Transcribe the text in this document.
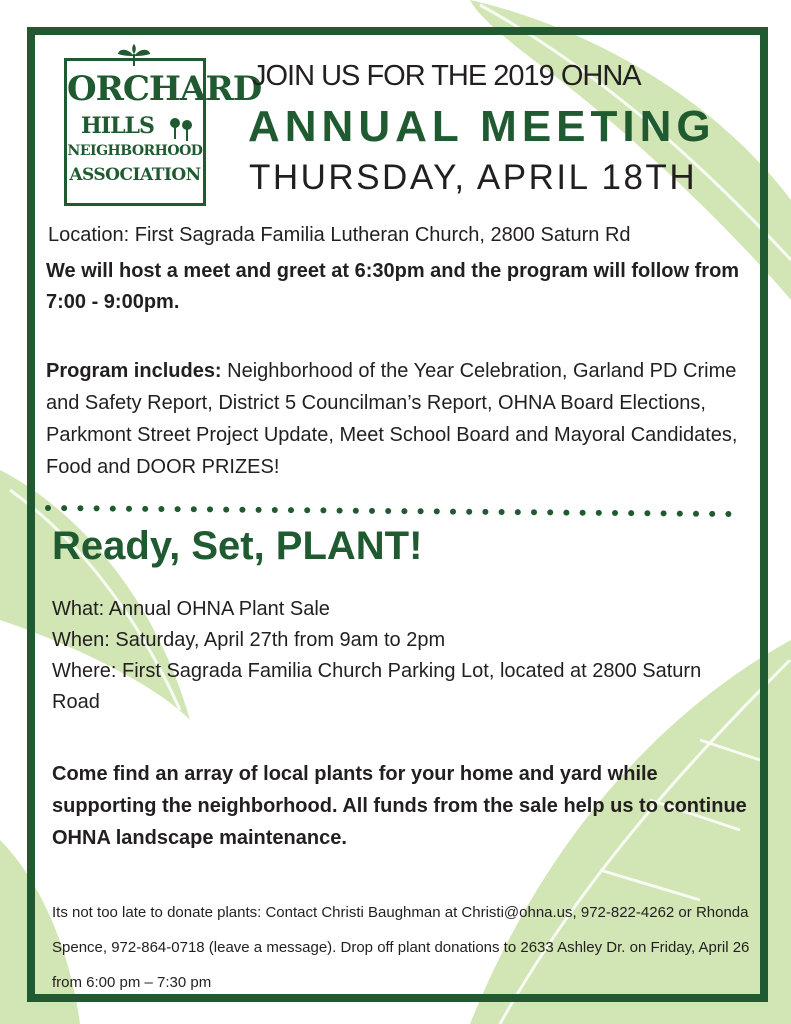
ORCHARD
HILLS
NEIGHBORHOOD
ASSOCIATION
JOIN US FOR THE 2019 OHNA
ANNUAL MEETING
THURSDAY, APRIL 18TH
Location: First Sagrada Familia Lutheran Church, 2800 Saturn Rd
We will host a meet and greet at 6:30pm and the program will follow from 7:00 - 9:00pm.
Program includes: Neighborhood of the Year Celebration, Garland PD Crime and Safety Report, District 5 Councilman’s Report, OHNA Board Elections, Parkmont Street Project Update, Meet School Board and Mayoral Candidates, Food and DOOR PRIZES!
Ready, Set, PLANT!
What: Annual OHNA Plant Sale
When: Saturday, April 27th from 9am to 2pm
Where: First Sagrada Familia Church Parking Lot, located at 2800 Saturn Road
Come find an array of local plants for your home and yard while supporting the neighborhood. All funds from the sale help us to continue OHNA landscape maintenance.
Its not too late to donate plants: Contact Christi Baughman at Christi@ohna.us, 972-822-4262 or Rhonda Spence, 972-864-0718 (leave a message). Drop off plant donations to 2633 Ashley Dr. on Friday, April 26 from 6:00 pm – 7:30 pm
